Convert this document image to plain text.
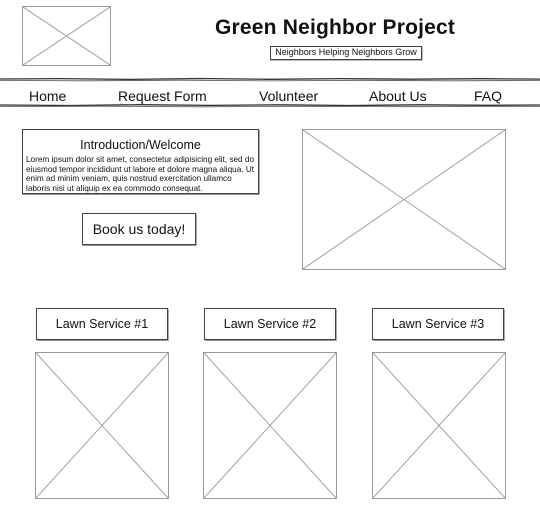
Green Neighbor Project
Neighbors Helping Neighbors Grow
Home	Request Form	Volunteer	About Us	FAQ
Introduction/Welcome
Lorem ipsum dolor sit amet, consectetur adipisicing elit, sed do eiusmod tempor incididunt ut labore et dolore magna aliqua. Ut enim ad minim veniam, quis nostrud exercitation ullamco laboris nisi ut aliquip ex ea commodo consequat.
Book us today!
Lawn Service #1	Lawn Service #2	Lawn Service #3
